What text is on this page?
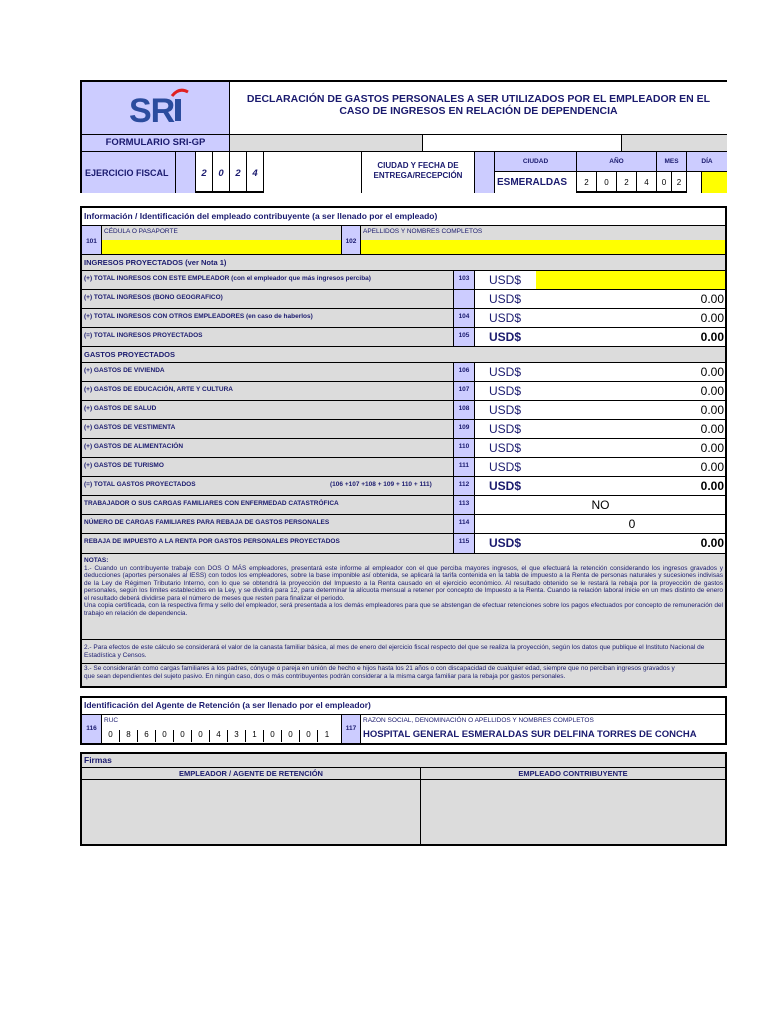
SR
FORMULARIO SRI-GP
DECLARACIÓN DE GASTOS PERSONALES A SER UTILIZADOS POR EL EMPLEADOR EN EL
CASO DE INGRESOS EN RELACIÓN DE DEPENDENCIA
EJERCICIO FISCAL	2	0	2	4
CIUDAD Y FECHA DE
ENTREGA/RECEPCIÓN
CIUDAD	AÑO	MES	DÍA
ESMERALDAS	2	0	2	4	0	2
Información / Identificación del empleado contribuyente (a ser llenado por el empleado)
101
CÉDULA O PASAPORTE
102
APELLIDOS Y NOMBRES COMPLETOS
INGRESOS PROYECTADOS (ver Nota 1)
(+) TOTAL INGRESOS CON ESTE EMPLEADOR (con el empleador que más ingresos perciba)	103	USD$
(+) TOTAL INGRESOS (BONO GEOGRAFICO)	USD$	0.00
(+) TOTAL INGRESOS CON OTROS EMPLEADORES (en caso de haberlos)	104	USD$	0.00
(=) TOTAL INGRESOS PROYECTADOS	105	USD$	0.00
GASTOS PROYECTADOS
(+) GASTOS DE VIVIENDA	106	USD$	0.00
(+) GASTOS DE EDUCACIÓN, ARTE Y CULTURA	107	USD$	0.00
(+) GASTOS DE SALUD	108	USD$	0.00
(+) GASTOS DE VESTIMENTA	109	USD$	0.00
(+) GASTOS DE ALIMENTACIÓN	110	USD$	0.00
(+) GASTOS DE TURISMO	111	USD$	0.00
(=) TOTAL GASTOS PROYECTADOS	(106 +107 +108 + 109 + 110 + 111)	112	USD$	0.00
TRABAJADOR O SUS CARGAS FAMILIARES CON ENFERMEDAD CATASTRÓFICA	113	NO
NÚMERO DE CARGAS FAMILIARES PARA REBAJA DE GASTOS PERSONALES	114	0
REBAJA DE IMPUESTO A LA RENTA POR GASTOS PERSONALES PROYECTADOS	115	USD$	0.00
NOTAS:
1.- Cuando un contribuyente trabaje con DOS O MÁS empleadores, presentará este informe al empleador con el que perciba mayores ingresos, el que efectuará la retención considerando los ingresos gravados y deducciones (aportes personales al IESS) con todos los empleadores, sobre la base imponible así obtenida, se aplicará la tarifa contenida en la tabla de impuesto a la Renta de personas naturales y sucesiones indivisas de la Ley de Régimen Tributario Interno, con lo que se obtendrá la proyección del Impuesto a la Renta causado en el ejercicio económico. Al resultado obtenido se le restará la rebaja por la proyección de gastos personales, según los límites establecidos en la Ley, y se dividirá para 12, para determinar la alícuota mensual a retener por concepto de Impuesto a la Renta. Cuando la relación laboral inicie en un mes distinto de enero el resultado deberá dividirse para el número de meses que resten para finalizar el periodo.
Una copia certificada, con la respectiva firma y sello del empleador, será presentada a los demás empleadores para que se abstengan de efectuar retenciones sobre los pagos efectuados por concepto de remuneración del trabajo en relación de dependencia.
2.- Para efectos de este cálculo se considerará el valor de la canasta familiar básica, al mes de enero del ejercicio fiscal respecto del que se realiza la proyección, según los datos que publique el Instituto Nacional de Estadística y Censos.
3.- Se considerarán como cargas familiares a los padres, cónyuge o pareja en unión de hecho e hijos hasta los 21 años o con discapacidad de cualquier edad, siempre que no perciban ingresos gravados y
que sean dependientes del sujeto pasivo. En ningún caso, dos o más contribuyentes podrán considerar a la misma carga familiar para la rebaja por gastos personales.
Identificación del Agente de Retención (a ser llenado por el empleador)
116
RUC
0	8	6	0	0	0	4	3	1	0	0	0	1
117
RAZON SOCIAL, DENOMINACIÓN O APELLIDOS Y NOMBRES COMPLETOS
HOSPITAL GENERAL ESMERALDAS SUR DELFINA TORRES DE CONCHA
Firmas
EMPLEADOR / AGENTE DE RETENCIÓN	EMPLEADO CONTRIBUYENTE
